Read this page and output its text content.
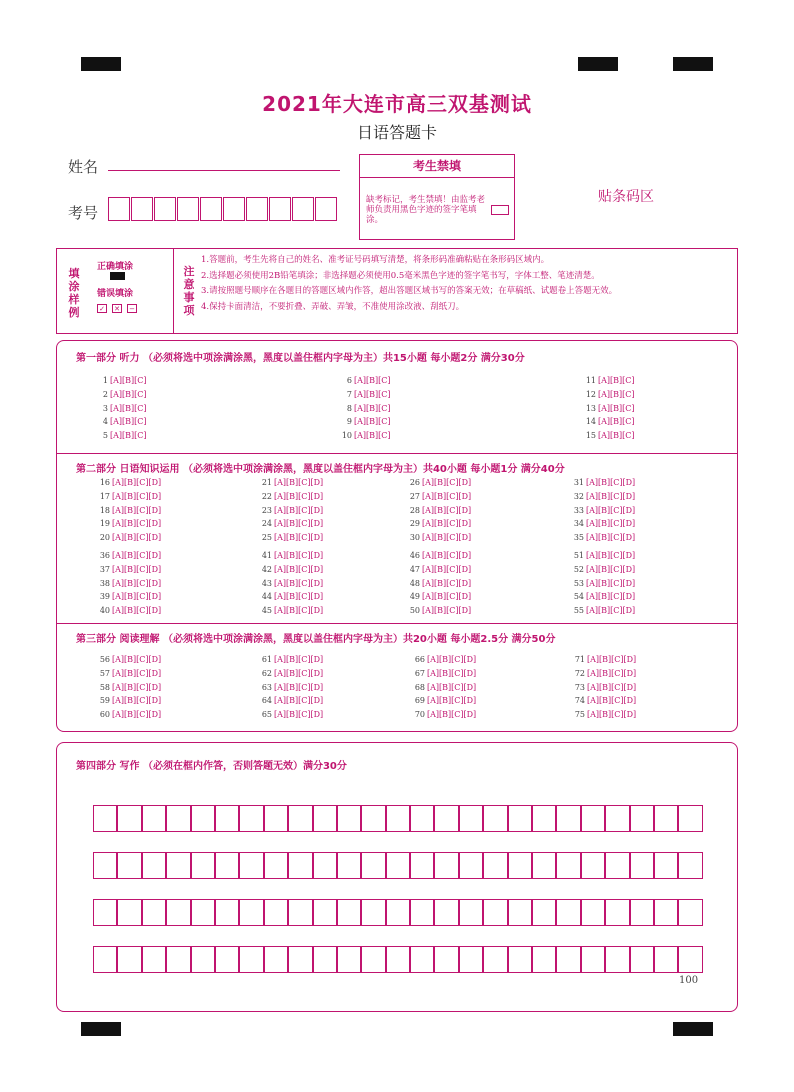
2021年大连市高三双基测试
日语答题卡
姓名
考号
考生禁填
缺考标记，考生禁填！由监考老师负责用黑色字迹的签字笔填涂。
贴条码区
填涂样例
正确填涂
错误填涂
✓ ✕ −
注意事项
1.答题前，考生先将自己的姓名、准考证号码填写清楚，将条形码准确粘贴在条形码区域内。
2.选择题必须使用2B铅笔填涂；非选择题必须使用0.5毫米黑色字迹的签字笔书写，字体工整、笔迹清楚。
3.请按照题号顺序在各题目的答题区域内作答，超出答题区域书写的答案无效；在草稿纸、试题卷上答题无效。
4.保持卡面清洁，不要折叠、弄破、弄皱，不准使用涂改液、刮纸刀。
第一部分 听力 （必须将选中项涂满涂黑，黑度以盖住框内字母为主）共15小题 每小题2分 满分30分
第二部分 日语知识运用 （必须将选中项涂满涂黑，黑度以盖住框内字母为主）共40小题 每小题1分 满分40分
第三部分 阅读理解 （必须将选中项涂满涂黑，黑度以盖住框内字母为主）共20小题 每小题2.5分 满分50分
1 [A][B][C]
2 [A][B][C]
3 [A][B][C]
4 [A][B][C]
5 [A][B][C]
6 [A][B][C]
7 [A][B][C]
8 [A][B][C]
9 [A][B][C]
10 [A][B][C]
11 [A][B][C]
12 [A][B][C]
13 [A][B][C]
14 [A][B][C]
15 [A][B][C]
16 [A][B][C][D]
17 [A][B][C][D]
18 [A][B][C][D]
19 [A][B][C][D]
20 [A][B][C][D]
21 [A][B][C][D]
22 [A][B][C][D]
23 [A][B][C][D]
24 [A][B][C][D]
25 [A][B][C][D]
26 [A][B][C][D]
27 [A][B][C][D]
28 [A][B][C][D]
29 [A][B][C][D]
30 [A][B][C][D]
31 [A][B][C][D]
32 [A][B][C][D]
33 [A][B][C][D]
34 [A][B][C][D]
35 [A][B][C][D]
36 [A][B][C][D]
37 [A][B][C][D]
38 [A][B][C][D]
39 [A][B][C][D]
40 [A][B][C][D]
41 [A][B][C][D]
42 [A][B][C][D]
43 [A][B][C][D]
44 [A][B][C][D]
45 [A][B][C][D]
46 [A][B][C][D]
47 [A][B][C][D]
48 [A][B][C][D]
49 [A][B][C][D]
50 [A][B][C][D]
51 [A][B][C][D]
52 [A][B][C][D]
53 [A][B][C][D]
54 [A][B][C][D]
55 [A][B][C][D]
56 [A][B][C][D]
57 [A][B][C][D]
58 [A][B][C][D]
59 [A][B][C][D]
60 [A][B][C][D]
61 [A][B][C][D]
62 [A][B][C][D]
63 [A][B][C][D]
64 [A][B][C][D]
65 [A][B][C][D]
66 [A][B][C][D]
67 [A][B][C][D]
68 [A][B][C][D]
69 [A][B][C][D]
70 [A][B][C][D]
71 [A][B][C][D]
72 [A][B][C][D]
73 [A][B][C][D]
74 [A][B][C][D]
75 [A][B][C][D]
第四部分 写作 （必须在框内作答，否则答题无效）满分30分
100
